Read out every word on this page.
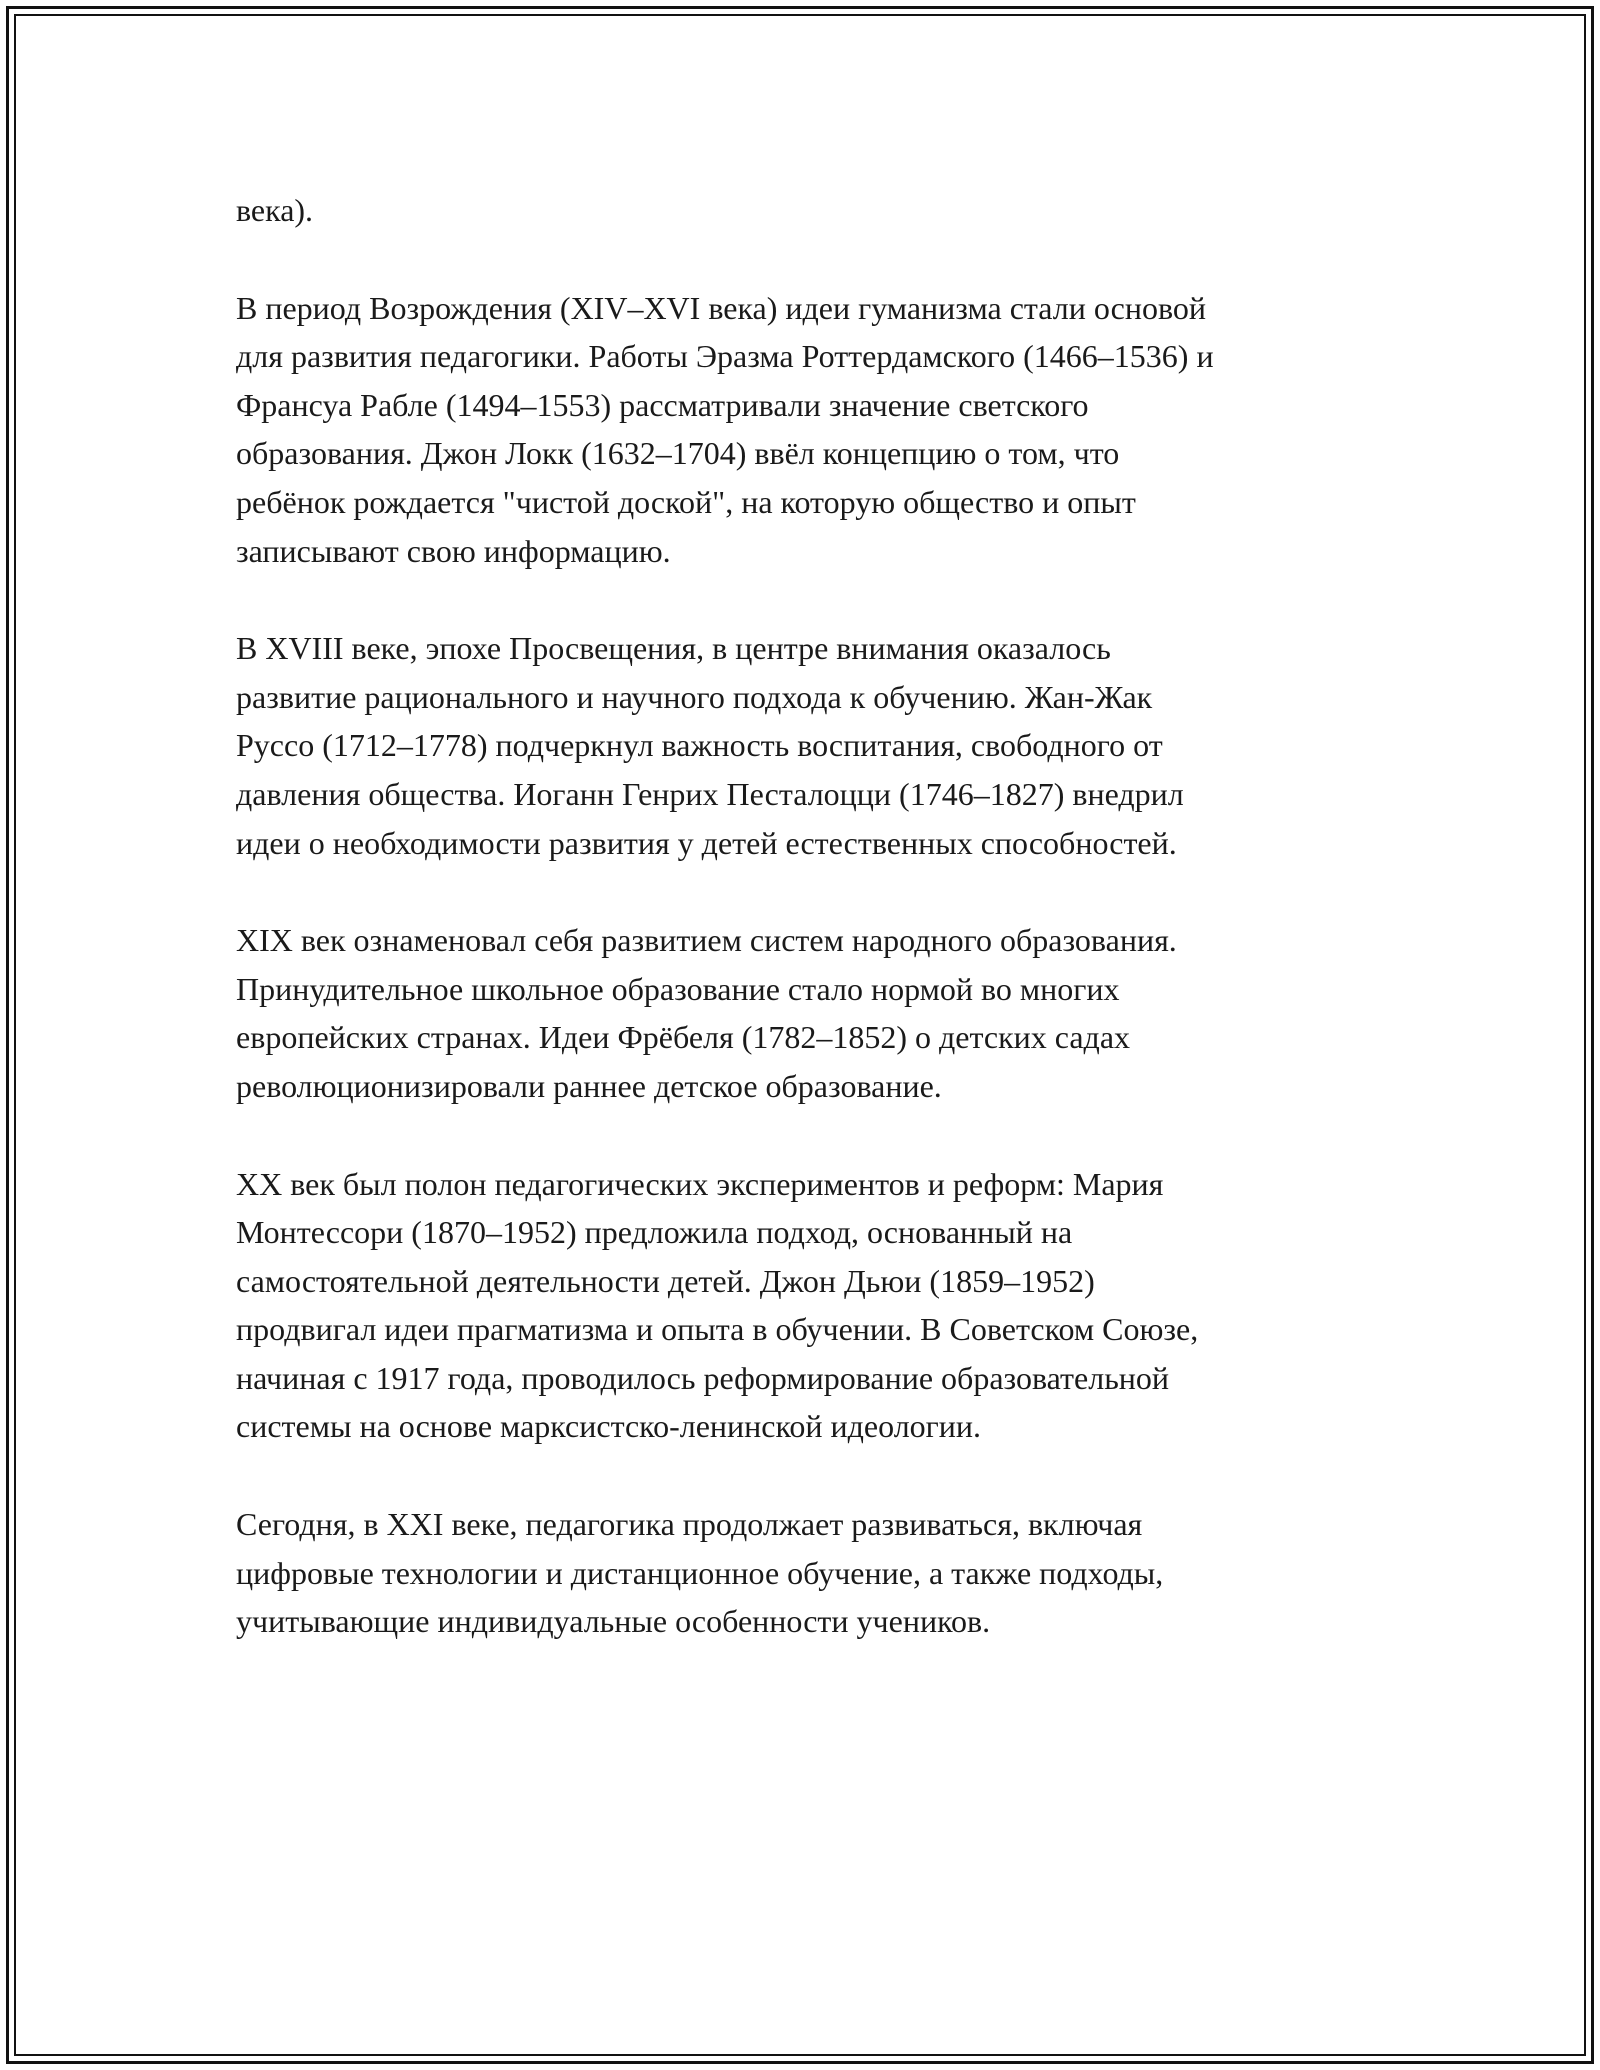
века).

В период Возрождения (XIV–XVI века) идеи гуманизма стали основой
для развития педагогики. Работы Эразма Роттердамского (1466–1536) и
Франсуа Рабле (1494–1553) рассматривали значение светского
образования. Джон Локк (1632–1704) ввёл концепцию о том, что
ребёнок рождается "чистой доской", на которую общество и опыт
записывают свою информацию.

В XVIII веке, эпохе Просвещения, в центре внимания оказалось
развитие рационального и научного подхода к обучению. Жан-Жак
Руссо (1712–1778) подчеркнул важность воспитания, свободного от
давления общества. Иоганн Генрих Песталоцци (1746–1827) внедрил
идеи о необходимости развития у детей естественных способностей.

XIX век ознаменовал себя развитием систем народного образования.
Принудительное школьное образование стало нормой во многих
европейских странах. Идеи Фрёбеля (1782–1852) о детских садах
революционизировали раннее детское образование.

XX век был полон педагогических экспериментов и реформ: Мария
Монтессори (1870–1952) предложила подход, основанный на
самостоятельной деятельности детей. Джон Дьюи (1859–1952)
продвигал идеи прагматизма и опыта в обучении. В Советском Союзе,
начиная с 1917 года, проводилось реформирование образовательной
системы на основе марксистско-ленинской идеологии.

Сегодня, в XXI веке, педагогика продолжает развиваться, включая
цифровые технологии и дистанционное обучение, а также подходы,
учитывающие индивидуальные особенности учеников.
